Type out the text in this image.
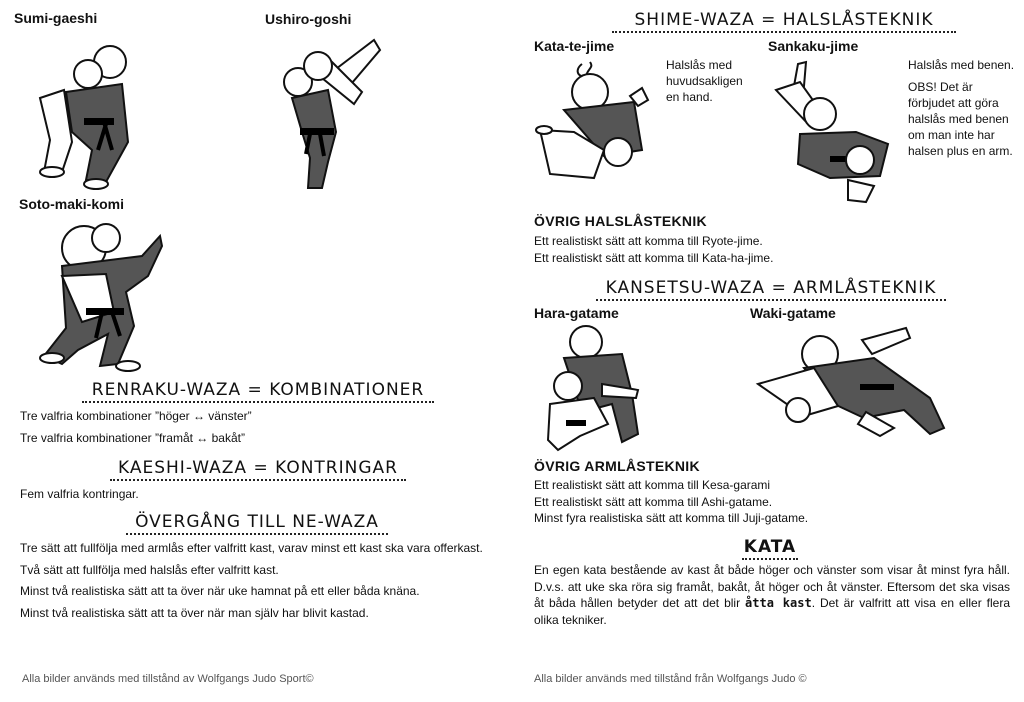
Sumi-gaeshi	Ushiro-goshi
Soto-maki-komi
RENRAKU-WAZA = KOMBINATIONER

Tre valfria kombinationer ”höger ↔ vänster”

Tre valfria kombinationer ”framåt ↔ bakåt”

KAESHI-WAZA = KONTRINGAR
Fem valfria kontringar.
ÖVERGÅNG TILL NE-WAZA

Tre sätt att fullfölja med armlås efter valfritt kast, varav minst ett kast ska vara offerkast.

Två sätt att fullfölja med halslås efter valfritt kast.

Minst två realistiska sätt att ta över när uke hamnat på ett eller båda knäna.

Minst två realistiska sätt att ta över när man själv har blivit kastad.

Alla bilder används med tillstånd av Wolfgangs Judo Sport©
SHIME-WAZA = HALSLÅSTEKNIK
Kata-te-jime
Halslås med huvudsakligen en hand.
Sankaku-jime
Halslås med benen.
OBS! Det är förbjudet att göra halslås med benen om man inte har halsen plus en arm.
ÖVRIG HALSLÅSTEKNIK
Ett realistiskt sätt att komma till Ryote-jime.
Ett realistiskt sätt att komma till Kata-ha-jime.
KANSETSU-WAZA = ARMLÅSTEKNIK
Hara-gatame	Waki-gatame
ÖVRIG ARMLÅSTEKNIK
Ett realistiskt sätt att komma till Kesa-garami
Ett realistiskt sätt att komma till Ashi-gatame.
Minst fyra realistiska sätt att komma till Juji-gatame.
KATA
En egen kata bestående av kast åt både höger och vänster som visar åt minst fyra håll. D.v.s. att uke ska röra sig framåt, bakåt, åt höger och åt vänster. Eftersom det ska visas åt båda hållen betyder det att det blir åtta kast. Det är valfritt att visa en eller flera olika tekniker.
Alla bilder används med tillstånd från Wolfgangs Judo ©
